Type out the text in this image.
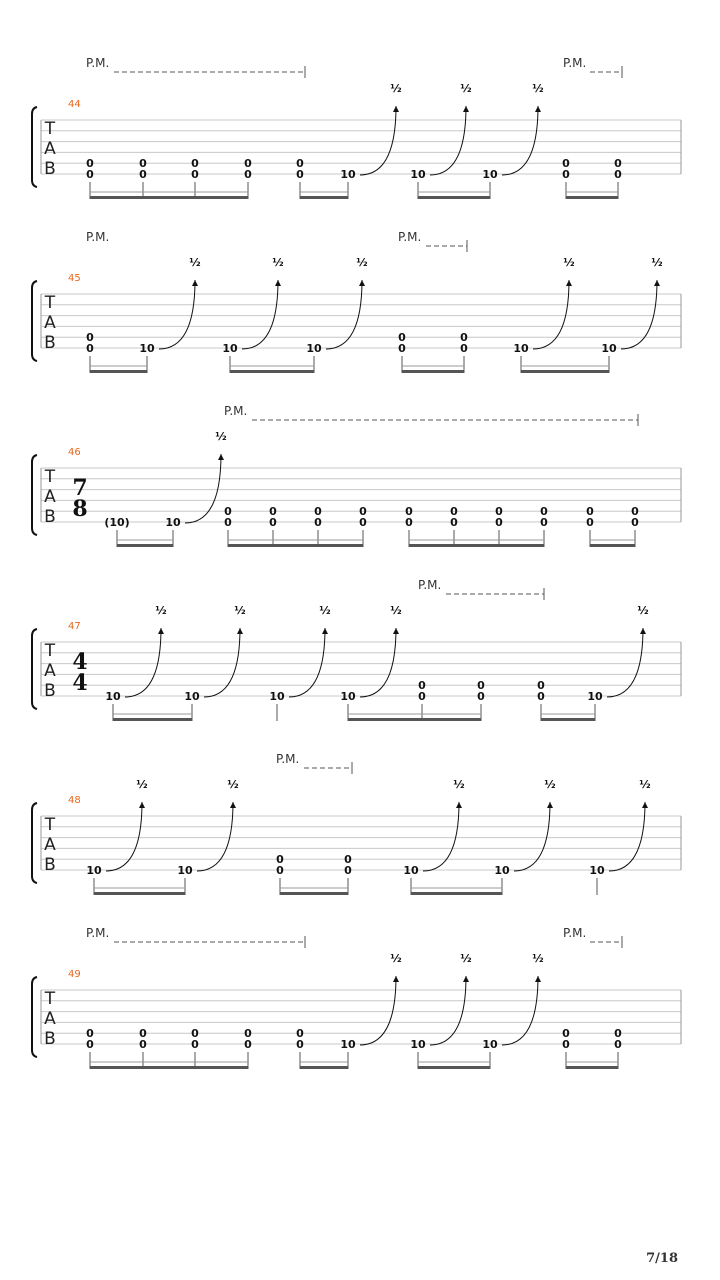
T
A
B
44
P.M.	P.M.
0
0
0
0
0
0
0
0
0
0	10
½
10
½
10
½
0
0
0
0
T
A
B
45
P.M.	P.M.
0
0	10
½
10
½
10
½
0
0
0
0	10
½
10
½
T
A
B
46
7
8
P.M.
(10)	10
½
0
0
0
0
0
0
0
0
0
0
0
0
0
0
0
0
0
0
0
0
T
A
B
47
4
4
P.M.
10
½
10
½
10
½
10
½
0
0
0
0
0
0	10
½
T
A
B
48
P.M.
10
½
10
½
0
0
0
0	10
½
10
½
10
½
T
A
B
49
P.M.	P.M.
0
0
0
0
0
0
0
0
0
0	10
½
10
½
10
½
0
0
0
0
7/18
